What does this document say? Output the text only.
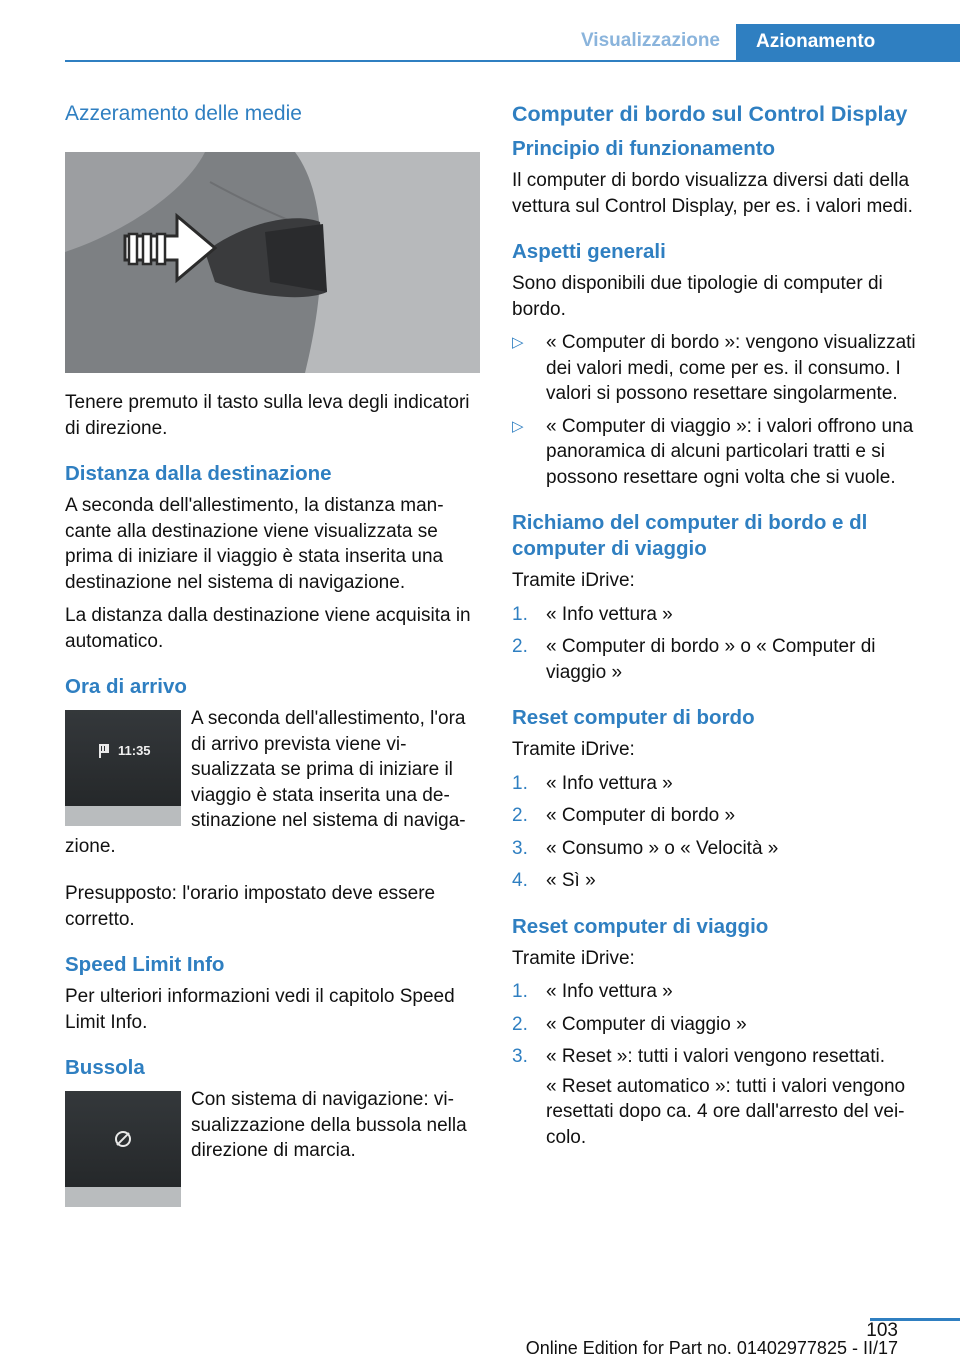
Visualizzazione	Azionamento
Azzeramento delle medie

Tenere premuto il tasto sulla leva degli indicatori di direzione.

Distanza dalla destinazione

A seconda dell'allestimento, la distanza mancante alla destinazione viene visualizzata se prima di iniziare il viaggio è stata inserita una destinazione nel sistema di navigazione.

La distanza dalla destinazione viene acquisita in automatico.

Ora di arrivo
11:35

A seconda dell'allestimento, l'ora di arrivo prevista viene visualizzata se prima di iniziare il viaggio è stata inserita una destinazione nel sistema di navigazione.

Presupposto: l'orario impostato deve essere corretto.

Speed Limit Info

Per ulteriori informazioni vedi il capitolo Speed Limit Info.

Bussola

Con sistema di navigazione: visualizzazione della bussola nella direzione di marcia.

Computer di bordo sul Control Display
Principio di funzionamento

Il computer di bordo visualizza diversi dati della vettura sul Control Display, per es. i valori medi.

Aspetti generali

Sono disponibili due tipologie di computer di bordo.

▷ « Computer di bordo »: vengono visualizzati dei valori medi, come per es. il consumo. I valori si possono resettare singolarmente.
▷ « Computer di viaggio »: i valori offrono una panoramica di alcuni particolari tratti e si possono resettare ogni volta che si vuole.
Richiamo del computer di bordo e dl computer di viaggio

Tramite iDrive:

1. « Info vettura »
2. « Computer di bordo » o « Computer di viaggio »
Reset computer di bordo

Tramite iDrive:

1. « Info vettura »
2. « Computer di bordo »
3. « Consumo » o « Velocità »
4. « Sì »
Reset computer di viaggio

Tramite iDrive:

1. « Info vettura »
2. « Computer di viaggio »
3. « Reset »: tutti i valori vengono resettati.
« Reset automatico »: tutti i valori vengono resettati dopo ca. 4 ore dall'arresto del veicolo.
103
Online Edition for Part no. 01402977825 - II/17
